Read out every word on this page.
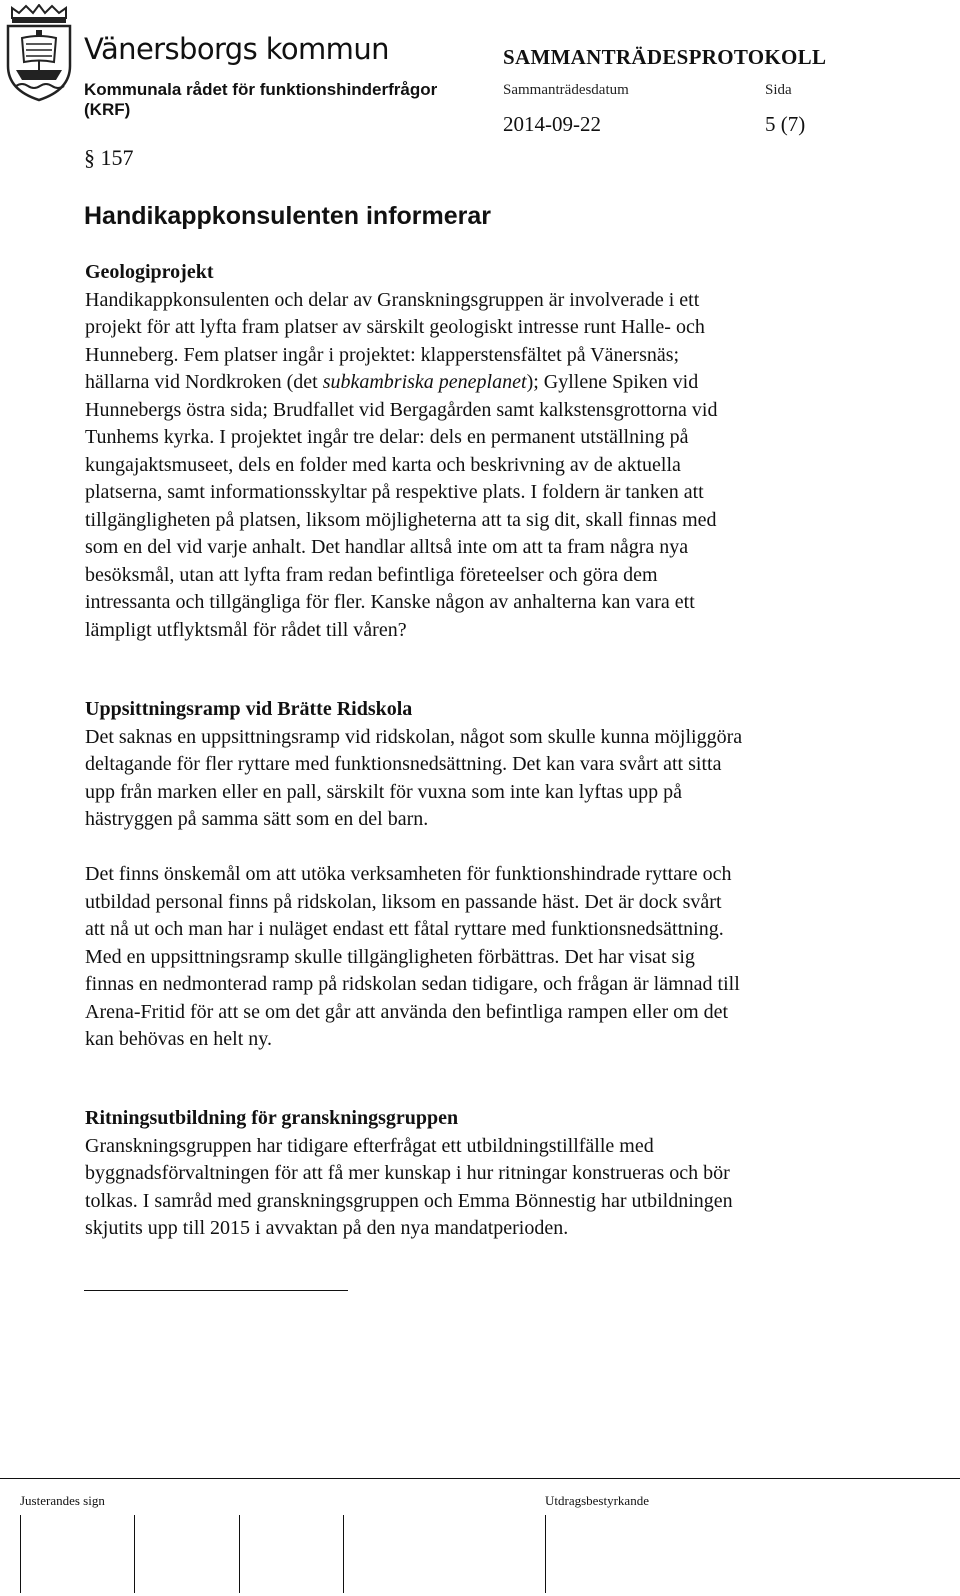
Vänersborgs kommun
Kommunala rådet för funktionshinderfrågor
(KRF)
SAMMANTRÄDESPROTOKOLL
Sammanträdesdatum	Sida
2014-09-22	5 (7)
§ 157
Handikappkonsulenten informerar
Geologiprojekt

Handikappkonsulenten och delar av Granskningsgruppen är involverade i ett
projekt för att lyfta fram platser av särskilt geologiskt intresse runt Halle- och
Hunneberg. Fem platser ingår i projektet: klapperstensfältet på Vänersnäs;
hällarna vid Nordkroken (det subkambriska peneplanet); Gyllene Spiken vid
Hunnebergs östra sida; Brudfallet vid Bergagården samt kalkstensgrottorna vid
Tunhems kyrka. I projektet ingår tre delar: dels en permanent utställning på
kungajaktsmuseet, dels en folder med karta och beskrivning av de aktuella
platserna, samt informationsskyltar på respektive plats. I foldern är tanken att
tillgängligheten på platsen, liksom möjligheterna att ta sig dit, skall finnas med
som en del vid varje anhalt. Det handlar alltså inte om att ta fram några nya
besöksmål, utan att lyfta fram redan befintliga företeelser och göra dem
intressanta och tillgängliga för fler. Kanske någon av anhalterna kan vara ett
lämpligt utflyktsmål för rådet till våren?

Uppsittningsramp vid Brätte Ridskola

Det saknas en uppsittningsramp vid ridskolan, något som skulle kunna möjliggöra
deltagande för fler ryttare med funktionsnedsättning. Det kan vara svårt att sitta
upp från marken eller en pall, särskilt för vuxna som inte kan lyftas upp på
hästryggen på samma sätt som en del barn.

Det finns önskemål om att utöka verksamheten för funktionshindrade ryttare och
utbildad personal finns på ridskolan, liksom en passande häst. Det är dock svårt
att nå ut och man har i nuläget endast ett fåtal ryttare med funktionsnedsättning.
Med en uppsittningsramp skulle tillgängligheten förbättras. Det har visat sig
finnas en nedmonterad ramp på ridskolan sedan tidigare, och frågan är lämnad till
Arena-Fritid för att se om det går att använda den befintliga rampen eller om det
kan behövas en helt ny.

Ritningsutbildning för granskningsgruppen

Granskningsgruppen har tidigare efterfrågat ett utbildningstillfälle med
byggnadsförvaltningen för att få mer kunskap i hur ritningar konstrueras och bör
tolkas. I samråd med granskningsgruppen och Emma Bönnestig har utbildningen
skjutits upp till 2015 i avvaktan på den nya mandatperioden.

Justerandes sign	Utdragsbestyrkande
